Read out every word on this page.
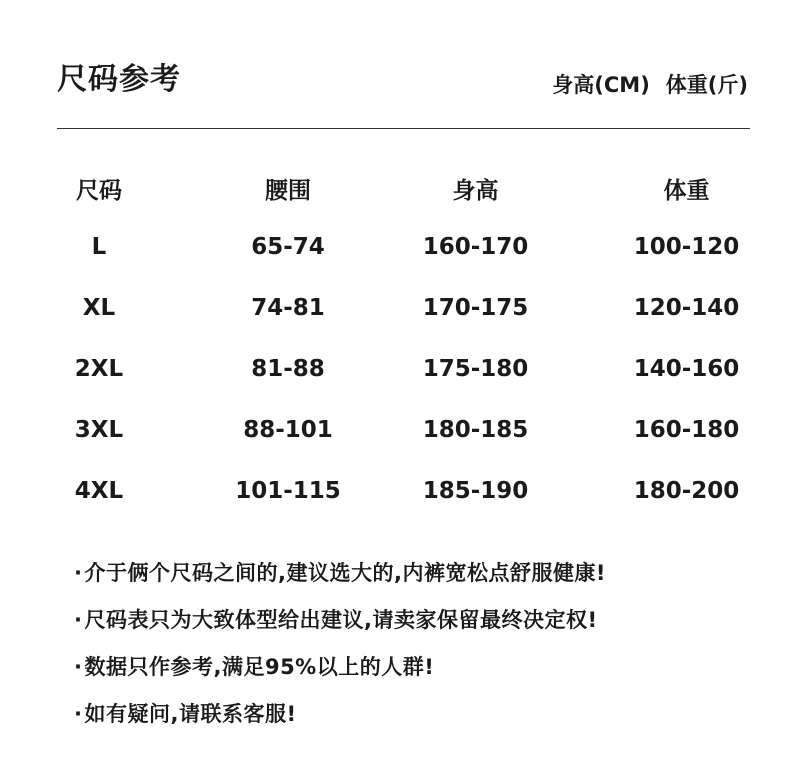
尺码参考	身高(CM) 体重(斤)
尺码	腰围	身高	体重
L	65-74	160-170	100-120
XL	74-81	170-175	120-140
2XL	81-88	175-180	140-160
3XL	88-101	180-185	160-180
4XL	101-115	185-190	180-200
· 介于俩个尺码之间的,建议选大的,内裤宽松点舒服健康!
· 尺码表只为大致体型给出建议,请卖家保留最终决定权!
· 数据只作参考,满足95%以上的人群!
· 如有疑问,请联系客服!
